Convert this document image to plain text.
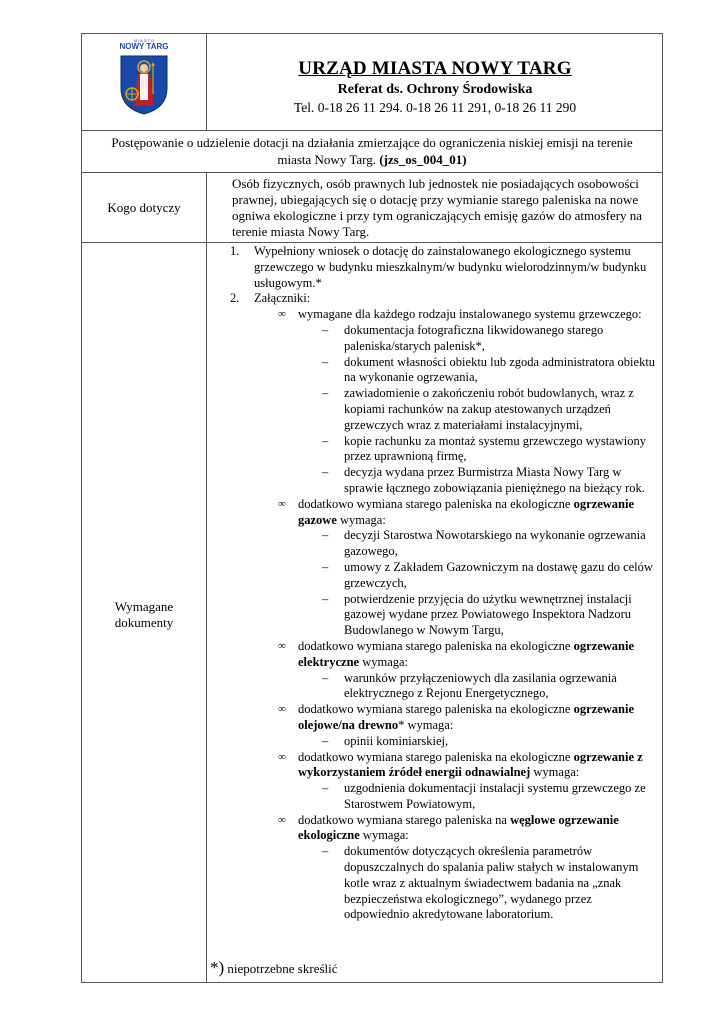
M I A S T O
NOWY TARG
URZĄD MIASTA NOWY TARG
Referat ds. Ochrony Środowiska
Tel. 0-18 26 11 294. 0-18 26 11 291, 0-18 26 11 290
Postępowanie o udzielenie dotacji na działania zmierzające do ograniczenia niskiej emisji na terenie
miasta Nowy Targ. (jzs_os_004_01)
Kogo dotyczy
Osób fizycznych, osób prawnych lub jednostek nie posiadających osobowości prawnej, ubiegających się o dotację przy wymianie starego paleniska na nowe ogniwa ekologiczne i przy tym ograniczających emisję gazów do atmosfery na terenie miasta Nowy Targ.
Wymagane dokumenty
1. Wypełniony wniosek o dotację do zainstalowanego ekologicznego systemu grzewczego w budynku mieszkalnym/w budynku wielorodzinnym/w budynku usługowym.*
2. Załączniki:
∞ wymagane dla każdego rodzaju instalowanego systemu grzewczego:
– dokumentacja fotograficzna likwidowanego starego paleniska/starych palenisk*,
– dokument własności obiektu lub zgoda administratora obiektu na wykonanie ogrzewania,
– zawiadomienie o zakończeniu robót budowlanych, wraz z kopiami rachunków na zakup atestowanych urządzeń grzewczych wraz z materiałami instalacyjnymi,
– kopie rachunku za montaż systemu grzewczego wystawiony przez uprawnioną firmę,
– decyzja wydana przez Burmistrza Miasta Nowy Targ w sprawie łącznego zobowiązania pieniężnego na bieżący rok.
∞ dodatkowo wymiana starego paleniska na ekologiczne ogrzewanie gazowe wymaga:
– decyzji Starostwa Nowotarskiego na wykonanie ogrzewania gazowego,
– umowy z Zakładem Gazowniczym na dostawę gazu do celów grzewczych,
– potwierdzenie przyjęcia do użytku wewnętrznej instalacji gazowej wydane przez Powiatowego Inspektora Nadzoru Budowlanego w Nowym Targu,
∞ dodatkowo wymiana starego paleniska na ekologiczne ogrzewanie elektryczne wymaga:
– warunków przyłączeniowych dla zasilania ogrzewania elektrycznego z Rejonu Energetycznego,
∞ dodatkowo wymiana starego paleniska na ekologiczne ogrzewanie olejowe/na drewno* wymaga:
– opinii kominiarskiej,
∞ dodatkowo wymiana starego paleniska na ekologiczne ogrzewanie z wykorzystaniem źródeł energii odnawialnej wymaga:
– uzgodnienia dokumentacji instalacji systemu grzewczego ze Starostwem Powiatowym,
∞ dodatkowo wymiana starego paleniska na węglowe ogrzewanie ekologiczne wymaga:
– dokumentów dotyczących określenia parametrów dopuszczalnych do spalania paliw stałych w instalowanym kotle wraz z aktualnym świadectwem badania na „znak bezpieczeństwa ekologicznego”, wydanego przez odpowiednio akredytowane laboratorium.
*) niepotrzebne skreślić
